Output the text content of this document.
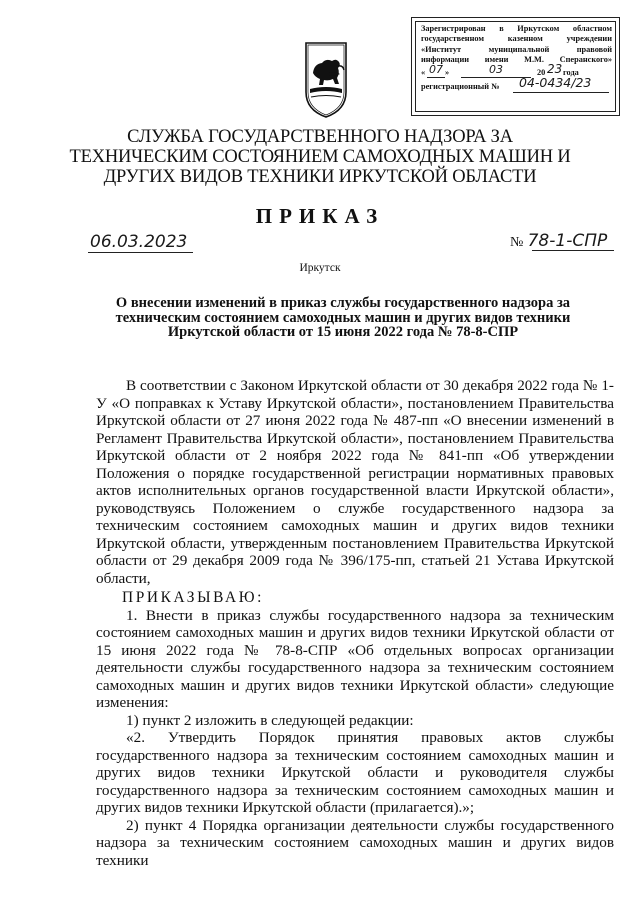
Зарегистрирован в Иркутском областном
государственном казенном учреждении
«Институт муниципальной правовой
информации имени М.М. Сперанского»
« 07 »	03	20 23 года
регистрационный № 04-0434/23
СЛУЖБА ГОСУДАРСТВЕННОГО НАДЗОРА ЗА ТЕХНИЧЕСКИМ СОСТОЯНИЕМ САМОХОДНЫХ МАШИН И ДРУГИХ ВИДОВ ТЕХНИКИ ИРКУТСКОЙ ОБЛАСТИ
ПРИКАЗ
06.03.2023	№ 78-1-СПР
Иркутск
О внесении изменений в приказ службы государственного надзора за техническим состоянием самоходных машин и других видов техники Иркутской области от 15 июня 2022 года № 78-8-СПР

В соответствии с Законом Иркутской области от 30 декабря 2022 года № 1-У «О поправках к Уставу Иркутской области», постановлением Правительства Иркутской области от 27 июня 2022 года № 487-пп «О внесении изменений в Регламент Правительства Иркутской области», постановлением Правительства Иркутской области от 2 ноября 2022 года № 841-пп «Об утверждении Положения о порядке государственной регистрации нормативных правовых актов исполнительных органов государственной власти Иркутской области», руководствуясь Положением о службе государственного надзора за техническим состоянием самоходных машин и других видов техники Иркутской области, утвержденным постановлением Правительства Иркутской области от 29 декабря 2009 года № 396/175-пп, статьей 21 Устава Иркутской области,

ПРИКАЗЫВАЮ:

1. Внести в приказ службы государственного надзора за техническим состоянием самоходных машин и других видов техники Иркутской области от 15 июня 2022 года № 78-8-СПР «Об отдельных вопросах организации деятельности службы государственного надзора за техническим состоянием самоходных машин и других видов техники Иркутской области» следующие изменения:

1) пункт 2 изложить в следующей редакции:

«2. Утвердить Порядок принятия правовых актов службы государственного надзора за техническим состоянием самоходных машин и других видов техники Иркутской области и руководителя службы государственного надзора за техническим состоянием самоходных машин и других видов техники Иркутской области (прилагается).»;

2) пункт 4 Порядка организации деятельности службы государственного надзора за техническим состоянием самоходных машин и других видов техники
